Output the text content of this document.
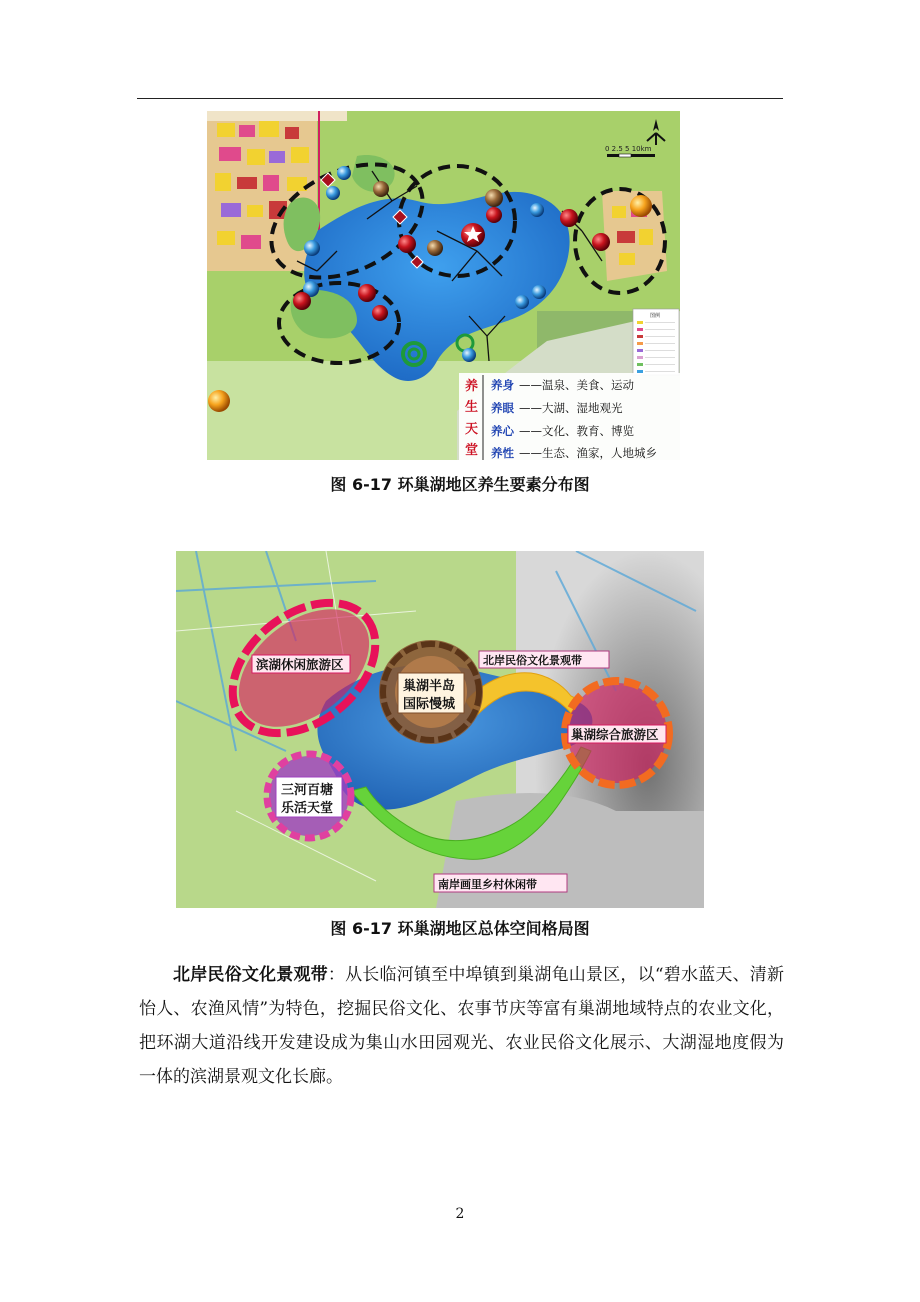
0 2.5 5 10km
图例
养
生
天
堂
养身 ——温泉、美食、运动
养眼 ——大湖、湿地观光
养心 ——文化、教育、博览
养性 ——生态、渔家，人地城乡
图 6-17 环巢湖地区养生要素分布图
滨湖休闲旅游区
巢湖半岛
国际慢城
北岸民俗文化景观带
巢湖综合旅游区
三河百塘
乐活天堂
南岸画里乡村休闲带
图 6-17 环巢湖地区总体空间格局图

北岸民俗文化景观带：从长临河镇至中埠镇到巢湖龟山景区，以“碧水蓝天、清新怡人、农渔风情”为特色，挖掘民俗文化、农事节庆等富有巢湖地域特点的农业文化，把环湖大道沿线开发建设成为集山水田园观光、农业民俗文化展示、大湖湿地度假为一体的滨湖景观文化长廊。

2
